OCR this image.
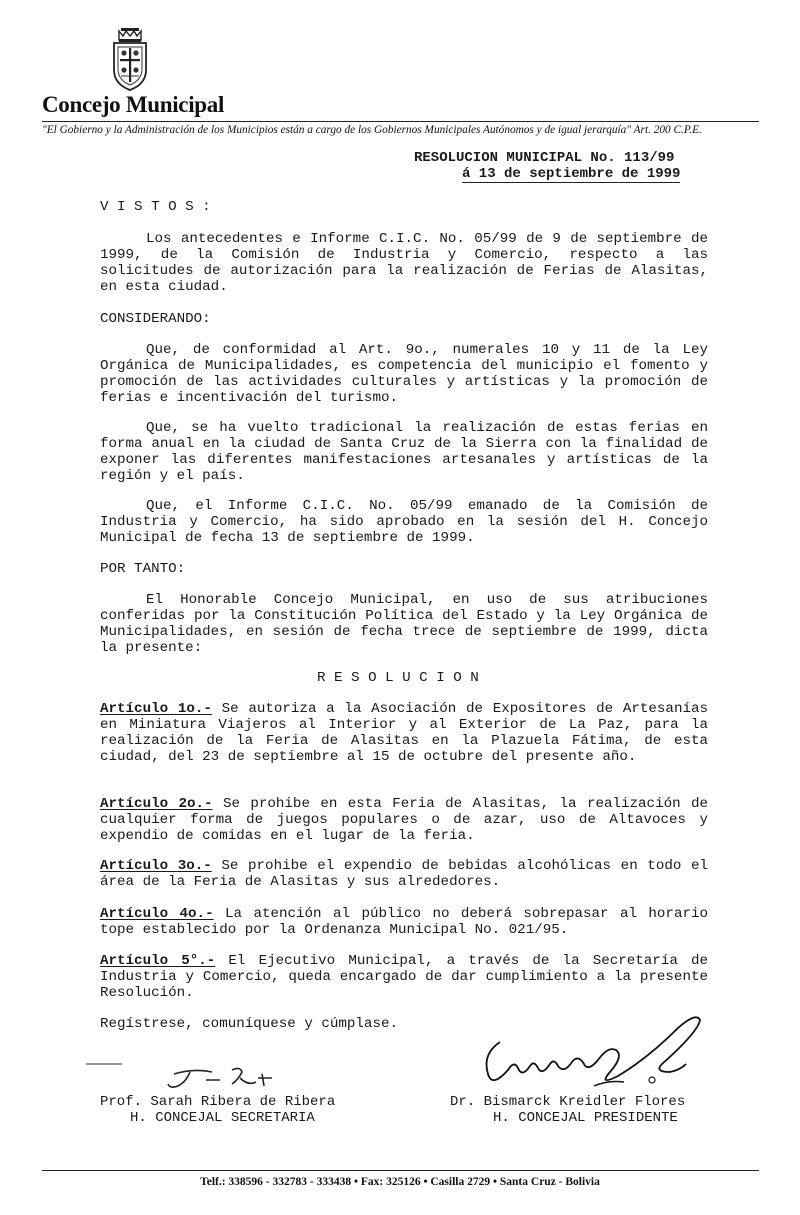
Concejo Municipal
"El Gobierno y la Administración de los Municipios están a cargo de los Gobiernos Municipales Autónomos y de igual jerarquía" Art. 200 C.P.E.
RESOLUCION MUNICIPAL No. 113/99
á 13 de septiembre de 1999
V I S T O S :
Los antecedentes e Informe C.I.C. No. 05/99 de 9 de septiembre de 1999, de la Comisión de Industria y Comercio, respecto a las solicitudes de autorización para la realización de Ferias de Alasitas, en esta ciudad.
CONSIDERANDO:
Que, de conformidad al Art. 9o., numerales 10 y 11 de la Ley Orgánica de Municipalidades, es competencia del municipio el fomento y promoción de las actividades culturales y artísticas y la promoción de ferias e incentivación del turismo.
Que, se ha vuelto tradicional la realización de estas ferias en forma anual en la ciudad de Santa Cruz de la Sierra con la finalidad de exponer las diferentes manifestaciones artesanales y artísticas de la región y el país.
Que, el Informe C.I.C. No. 05/99 emanado de la Comisión de Industria y Comercio, ha sido aprobado en la sesión del H. Concejo Municipal de fecha 13 de septiembre de 1999.
POR TANTO:
El Honorable Concejo Municipal, en uso de sus atribuciones conferidas por la Constitución Política del Estado y la Ley Orgánica de Municipalidades, en sesión de fecha trece de septiembre de 1999, dicta la presente:
R E S O L U C I O N
Artículo 1o.- Se autoriza a la Asociación de Expositores de Artesanías en Miniatura Viajeros al Interior y al Exterior de La Paz, para la realización de la Feria de Alasitas en la Plazuela Fátima, de esta ciudad, del 23 de septiembre al 15 de octubre del presente año.
Artículo 2o.- Se prohibe en esta Feria de Alasitas, la realización de cualquier forma de juegos populares o de azar, uso de Altavoces y expendio de comidas en el lugar de la feria.
Artículo 3o.- Se prohibe el expendio de bebidas alcohólicas en todo el área de la Feria de Alasitas y sus alrededores.
Artículo 4o.- La atención al público no deberá sobrepasar al horario tope establecido por la Ordenanza Municipal No. 021/95.
Artículo 5°.- El Ejecutivo Municipal, a través de la Secretaría de Industria y Comercio, queda encargado de dar cumplimiento a la presente Resolución.
Regístrese, comuníquese y cúmplase.
Prof. Sarah Ribera de Ribera
H. CONCEJAL SECRETARIA
Dr. Bismarck Kreidler Flores
H. CONCEJAL PRESIDENTE
Telf.: 338596 - 332783 - 333438 • Fax: 325126 • Casilla 2729 • Santa Cruz - Bolivia
